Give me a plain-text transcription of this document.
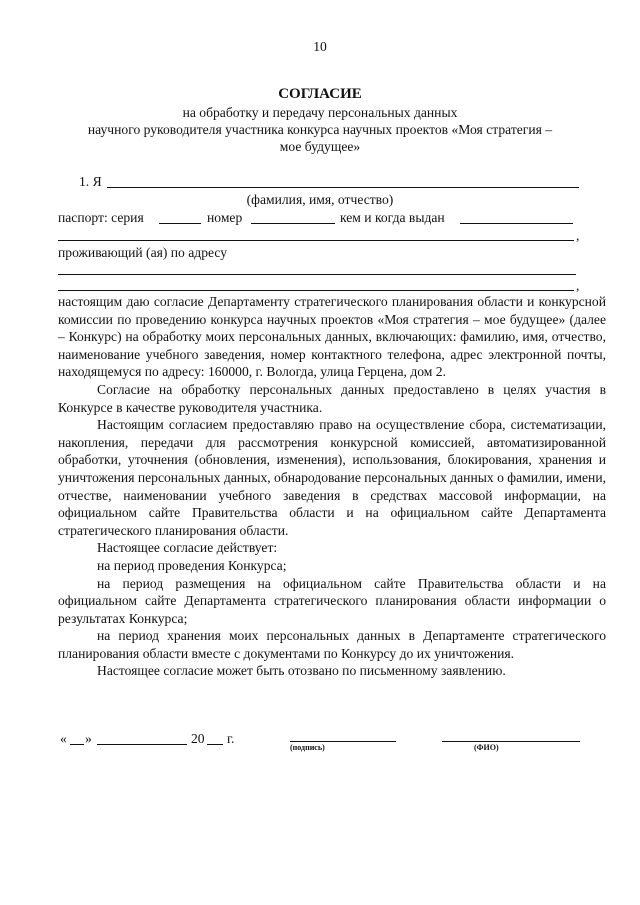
10
СОГЛАСИЕ
на обработку и передачу персональных данных
научного руководителя участника конкурса научных проектов «Моя стратегия –
мое будущее»
1. Я
(фамилия, имя, отчество)
паспорт: серия	номер	кем и когда выдан
,
проживающий (ая) по адресу
,

настоящим даю согласие Департаменту стратегического планирования области и конкурсной комиссии по проведению конкурса научных проектов «Моя стратегия – мое будущее» (далее – Конкурс) на обработку моих персональных данных, включающих: фамилию, имя, отчество, наименование учебного заведения, номер контактного телефона, адрес электронной почты, находящемуся по адресу: 160000, г. Вологда, улица Герцена, дом 2.

Согласие на обработку персональных данных предоставлено в целях участия в Конкурсе в качестве руководителя участника.

Настоящим согласием предоставляю право на осуществление сбора, систематизации, накопления, передачи для рассмотрения конкурсной комиссией, автоматизированной обработки, уточнения (обновления, изменения), использования, блокирования, хранения и уничтожения персональных данных, обнародование персональных данных о фамилии, имени, отчестве, наименовании учебного заведения в средствах массовой информации, на официальном сайте Правительства области и на официальном сайте Департамента стратегического планирования области.

Настоящее согласие действует:

на период проведения Конкурса;

на период размещения на официальном сайте Правительства области и на официальном сайте Департамента стратегического планирования области информации о результатах Конкурса;

на период хранения моих персональных данных в Департаменте стратегического планирования области вместе с документами по Конкурсу до их уничтожения.

Настоящее согласие может быть отозвано по письменному заявлению.

« »	20 г.
(подпись)	(ФИО)
